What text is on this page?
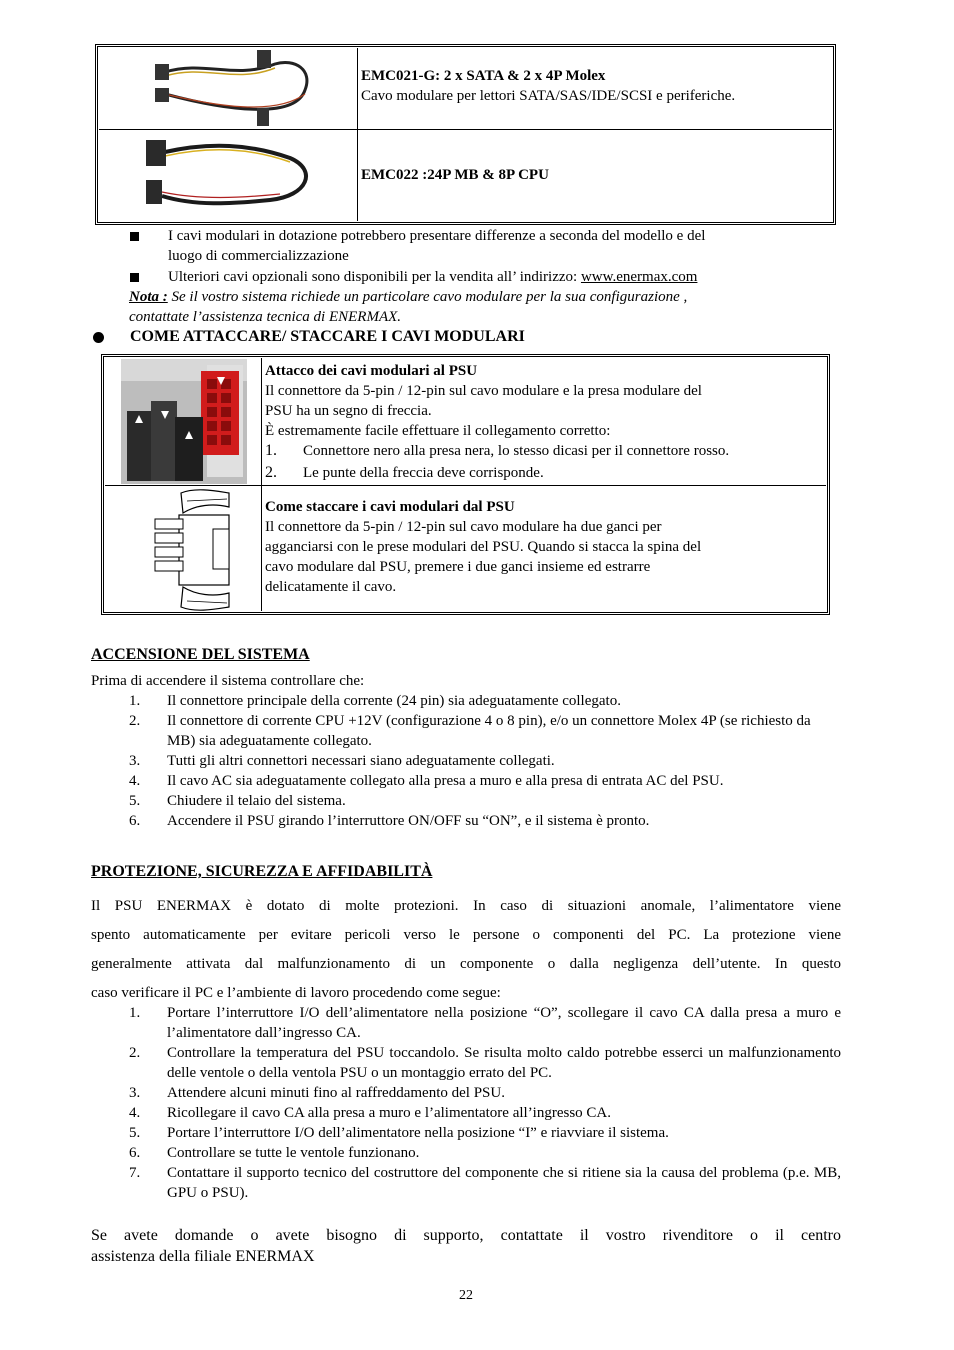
EMC021-G: 2 x SATA & 2 x 4P Molex
Cavo modulare per lettori SATA/SAS/IDE/SCSI e periferiche.
EMC022 :24P MB & 8P CPU
I cavi modulari in dotazione potrebbero presentare differenze a seconda del modello e del
luogo di commercializzazione
Ulteriori cavi opzionali sono disponibili per la vendita all’ indirizzo: www.enermax.com
Nota : Se il vostro sistema richiede un particolare cavo modulare per la sua configurazione ,
contattate l’assistenza tecnica di ENERMAX.
COME ATTACCARE/ STACCARE I CAVI MODULARI
Attacco dei cavi modulari al PSU
Il connettore da 5-pin / 12-pin sul cavo modulare e la presa modulare del
PSU ha un segno di freccia.
È estremamente facile effettuare il collegamento corretto:
1. Connettore nero alla presa nera, lo stesso dicasi per il connettore rosso.
2. Le punte della freccia deve corrisponde.
Come staccare i cavi modulari dal PSU
Il connettore da 5-pin / 12-pin sul cavo modulare ha due ganci per
agganciarsi con le prese modulari del PSU. Quando si stacca la spina del
cavo modulare dal PSU, premere i due ganci insieme ed estrarre
delicatamente il cavo.
ACCENSIONE DEL SISTEMA
Prima di accendere il sistema controllare che:
1. Il connettore principale della corrente (24 pin) sia adeguatamente collegato.
2. Il connettore di corrente CPU +12V (configurazione 4 o 8 pin), e/o un connettore Molex 4P (se richiesto da MB) sia adeguatamente collegato.
3. Tutti gli altri connettori necessari siano adeguatamente collegati.
4. Il cavo AC sia adeguatamente collegato alla presa a muro e alla presa di entrata AC del PSU.
5. Chiudere il telaio del sistema.
6. Accendere il PSU girando l’interruttore ON/OFF su “ON”, e il sistema è pronto.
PROTEZIONE, SICUREZZA E AFFIDABILITÀ
Il PSU ENERMAX è dotato di molte protezioni. In caso di situazioni anomale, l’alimentatore viene
spento automaticamente per evitare pericoli verso le persone o componenti del PC. La protezione viene
generalmente attivata dal malfunzionamento di un componente o dalla negligenza dell’utente. In questo
caso verificare il PC e l’ambiente di lavoro procedendo come segue:
1. Portare l’interruttore I/O dell’alimentatore nella posizione “O”, scollegare il cavo CA dalla presa a muro e l’alimentatore dall’ingresso CA.
2. Controllare la temperatura del PSU toccandolo. Se risulta molto caldo potrebbe esserci un malfunzionamento delle ventole o della ventola PSU o un montaggio errato del PC.
3. Attendere alcuni minuti fino al raffreddamento del PSU.
4. Ricollegare il cavo CA alla presa a muro e l’alimentatore all’ingresso CA.
5. Portare l’interruttore I/O dell’alimentatore nella posizione “I” e riavviare il sistema.
6. Controllare se tutte le ventole funzionano.
7. Contattare il supporto tecnico del costruttore del componente che si ritiene sia la causa del problema (p.e. MB, GPU o PSU).
Se avete domande o avete bisogno di supporto, contattate il vostro rivenditore o il centro
assistenza della filiale ENERMAX
22
